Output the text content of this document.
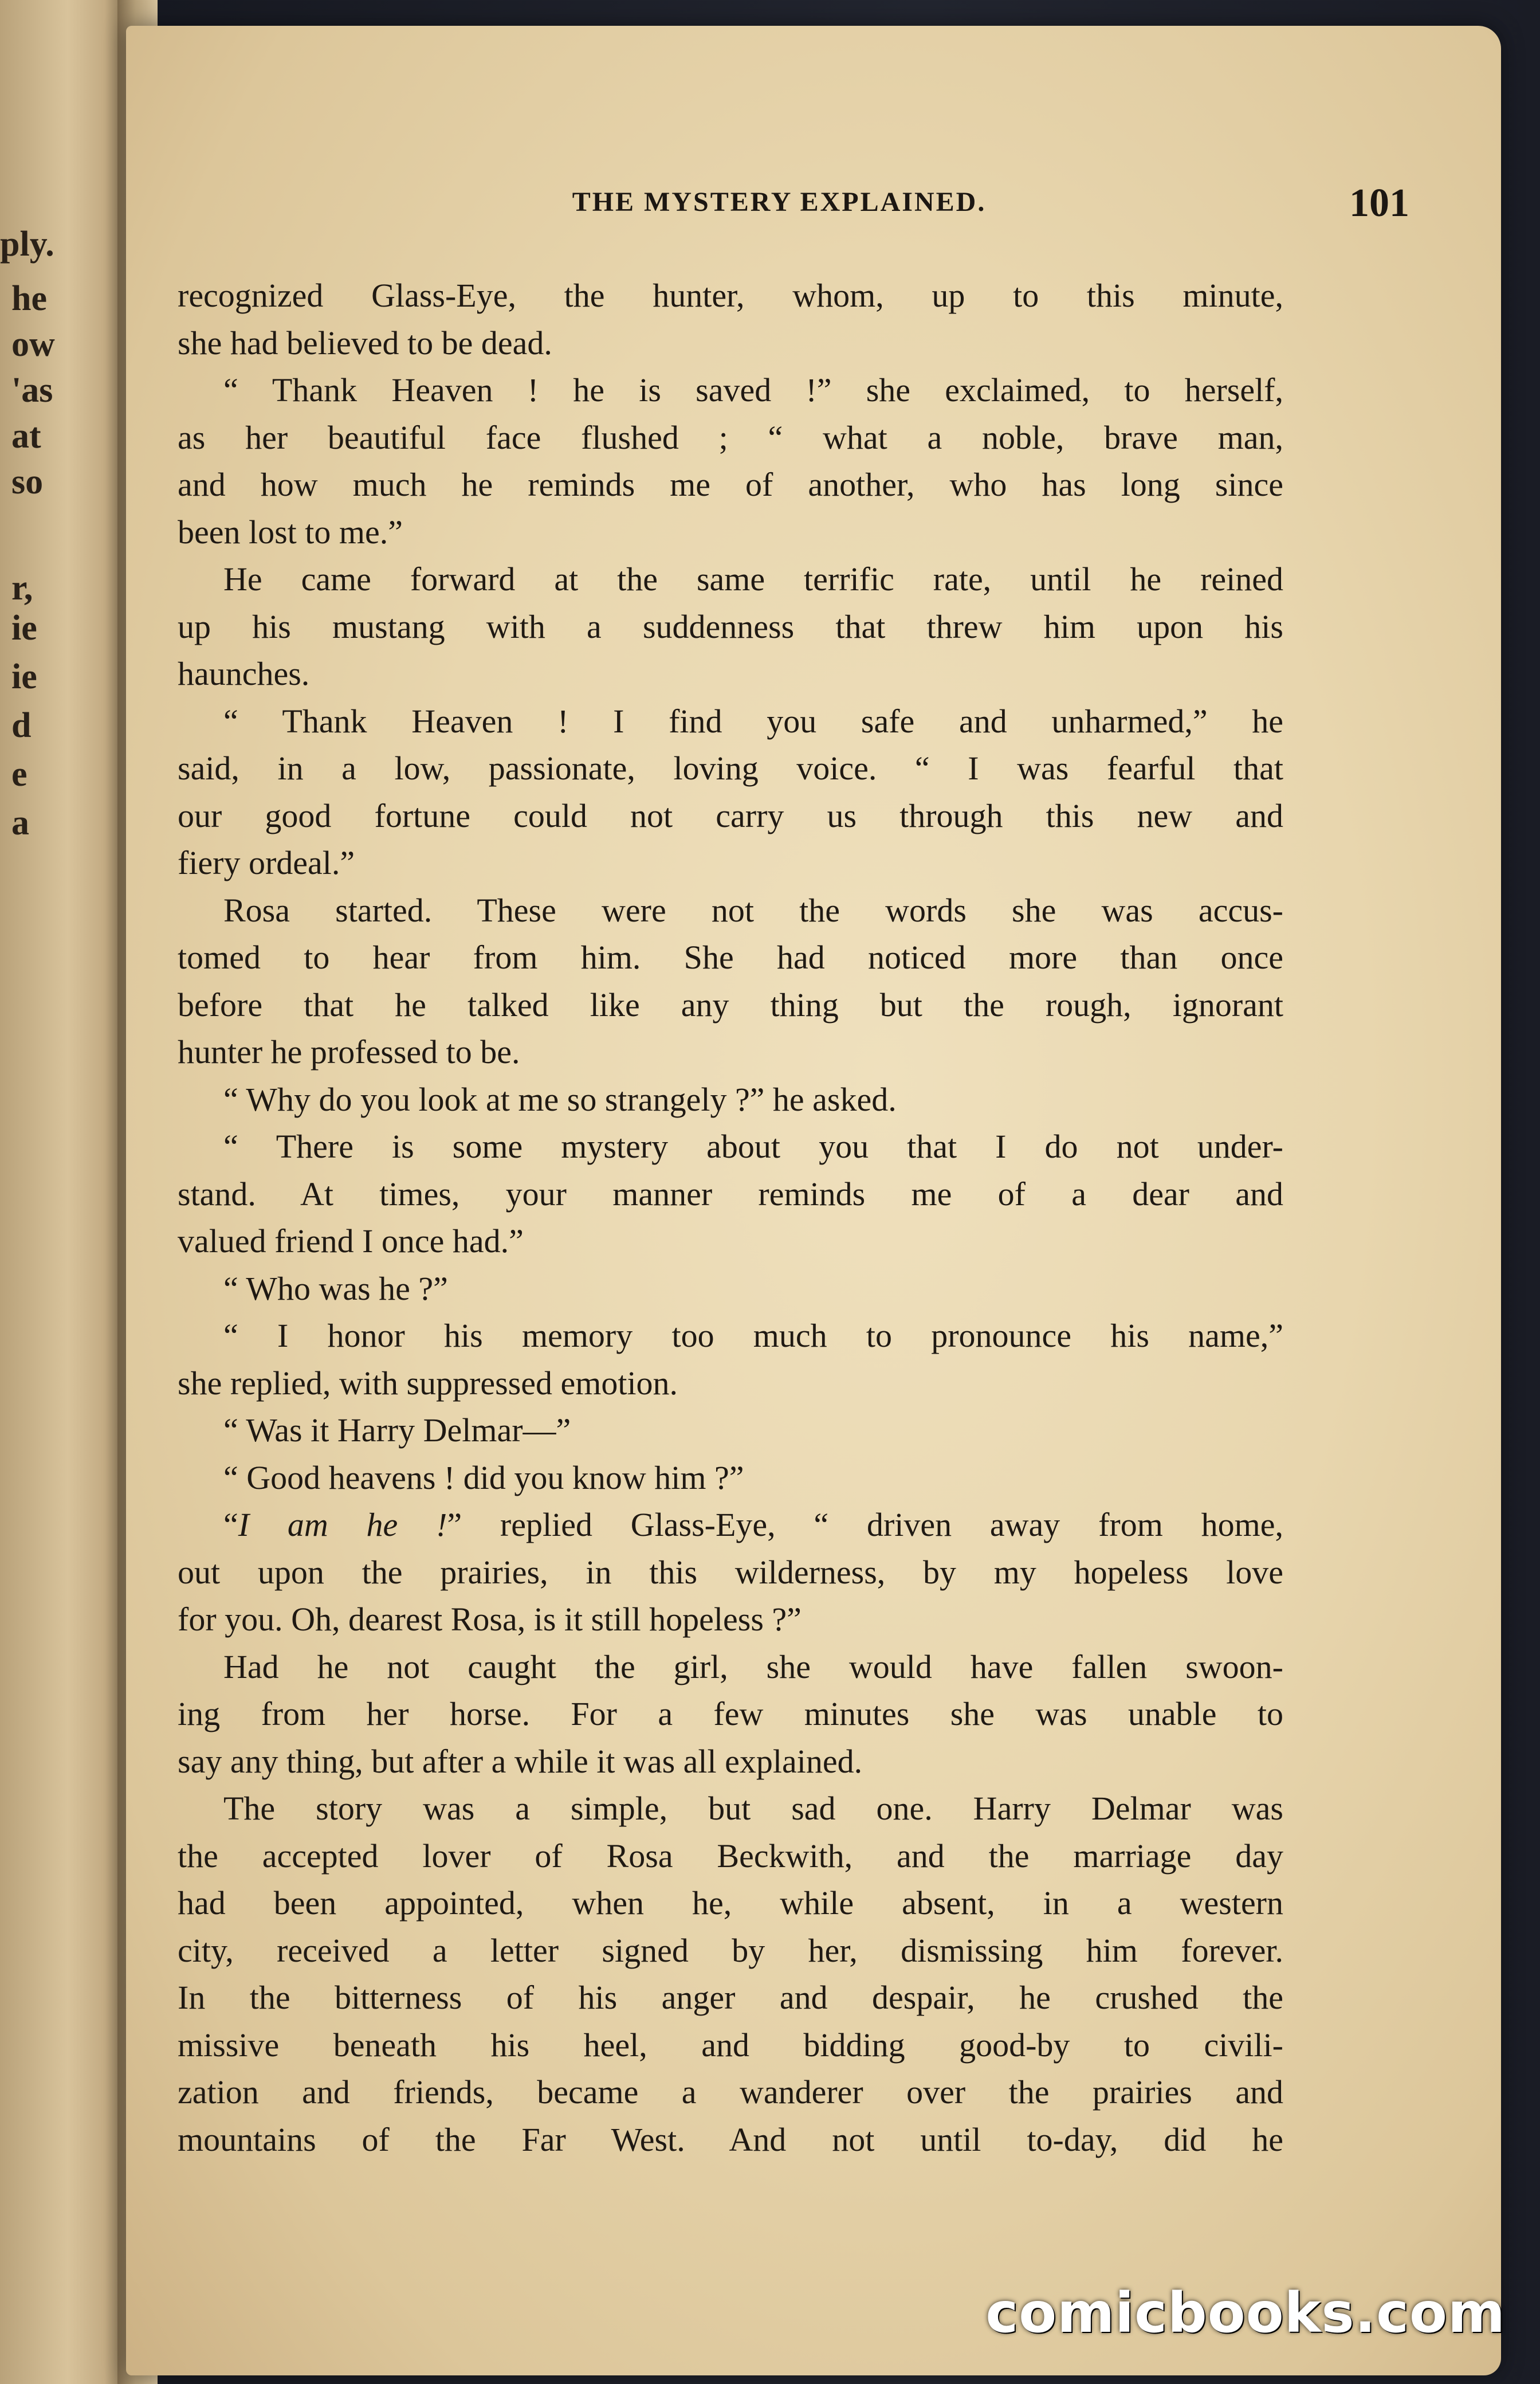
ply.
he
ow
'as
at
so
r,
ie
ie
d
e
a
THE MYSTERY EXPLAINED.	101
recognized Glass-Eye, the hunter, whom, up to this minute,
she had believed to be dead.
“ Thank Heaven ! he is saved !” she exclaimed, to herself,
as her beautiful face flushed ; “ what a noble, brave man,
and how much he reminds me of another, who has long since
been lost to me.”
He came forward at the same terrific rate, until he reined
up his mustang with a suddenness that threw him upon his
haunches.
“ Thank Heaven ! I find you safe and unharmed,” he
said, in a low, passionate, loving voice. “ I was fearful that
our good fortune could not carry us through this new and
fiery ordeal.”
Rosa started. These were not the words she was accus-
tomed to hear from him. She had noticed more than once
before that he talked like any thing but the rough, ignorant
hunter he professed to be.
“ Why do you look at me so strangely ?” he asked.
“ There is some mystery about you that I do not under-
stand. At times, your manner reminds me of a dear and
valued friend I once had.”
“ Who was he ?”
“ I honor his memory too much to pronounce his name,”
she replied, with suppressed emotion.
“ Was it Harry Delmar—”
“ Good heavens ! did you know him ?”
“I am he !” replied Glass-Eye, “ driven away from home,
out upon the prairies, in this wilderness, by my hopeless love
for you. Oh, dearest Rosa, is it still hopeless ?”
Had he not caught the girl, she would have fallen swoon-
ing from her horse. For a few minutes she was unable to
say any thing, but after a while it was all explained.
The story was a simple, but sad one. Harry Delmar was
the accepted lover of Rosa Beckwith, and the marriage day
had been appointed, when he, while absent, in a western
city, received a letter signed by her, dismissing him forever.
In the bitterness of his anger and despair, he crushed the
missive beneath his heel, and bidding good-by to civili-
zation and friends, became a wanderer over the prairies and
mountains of the Far West. And not until to-day, did he
comicbooks.com
